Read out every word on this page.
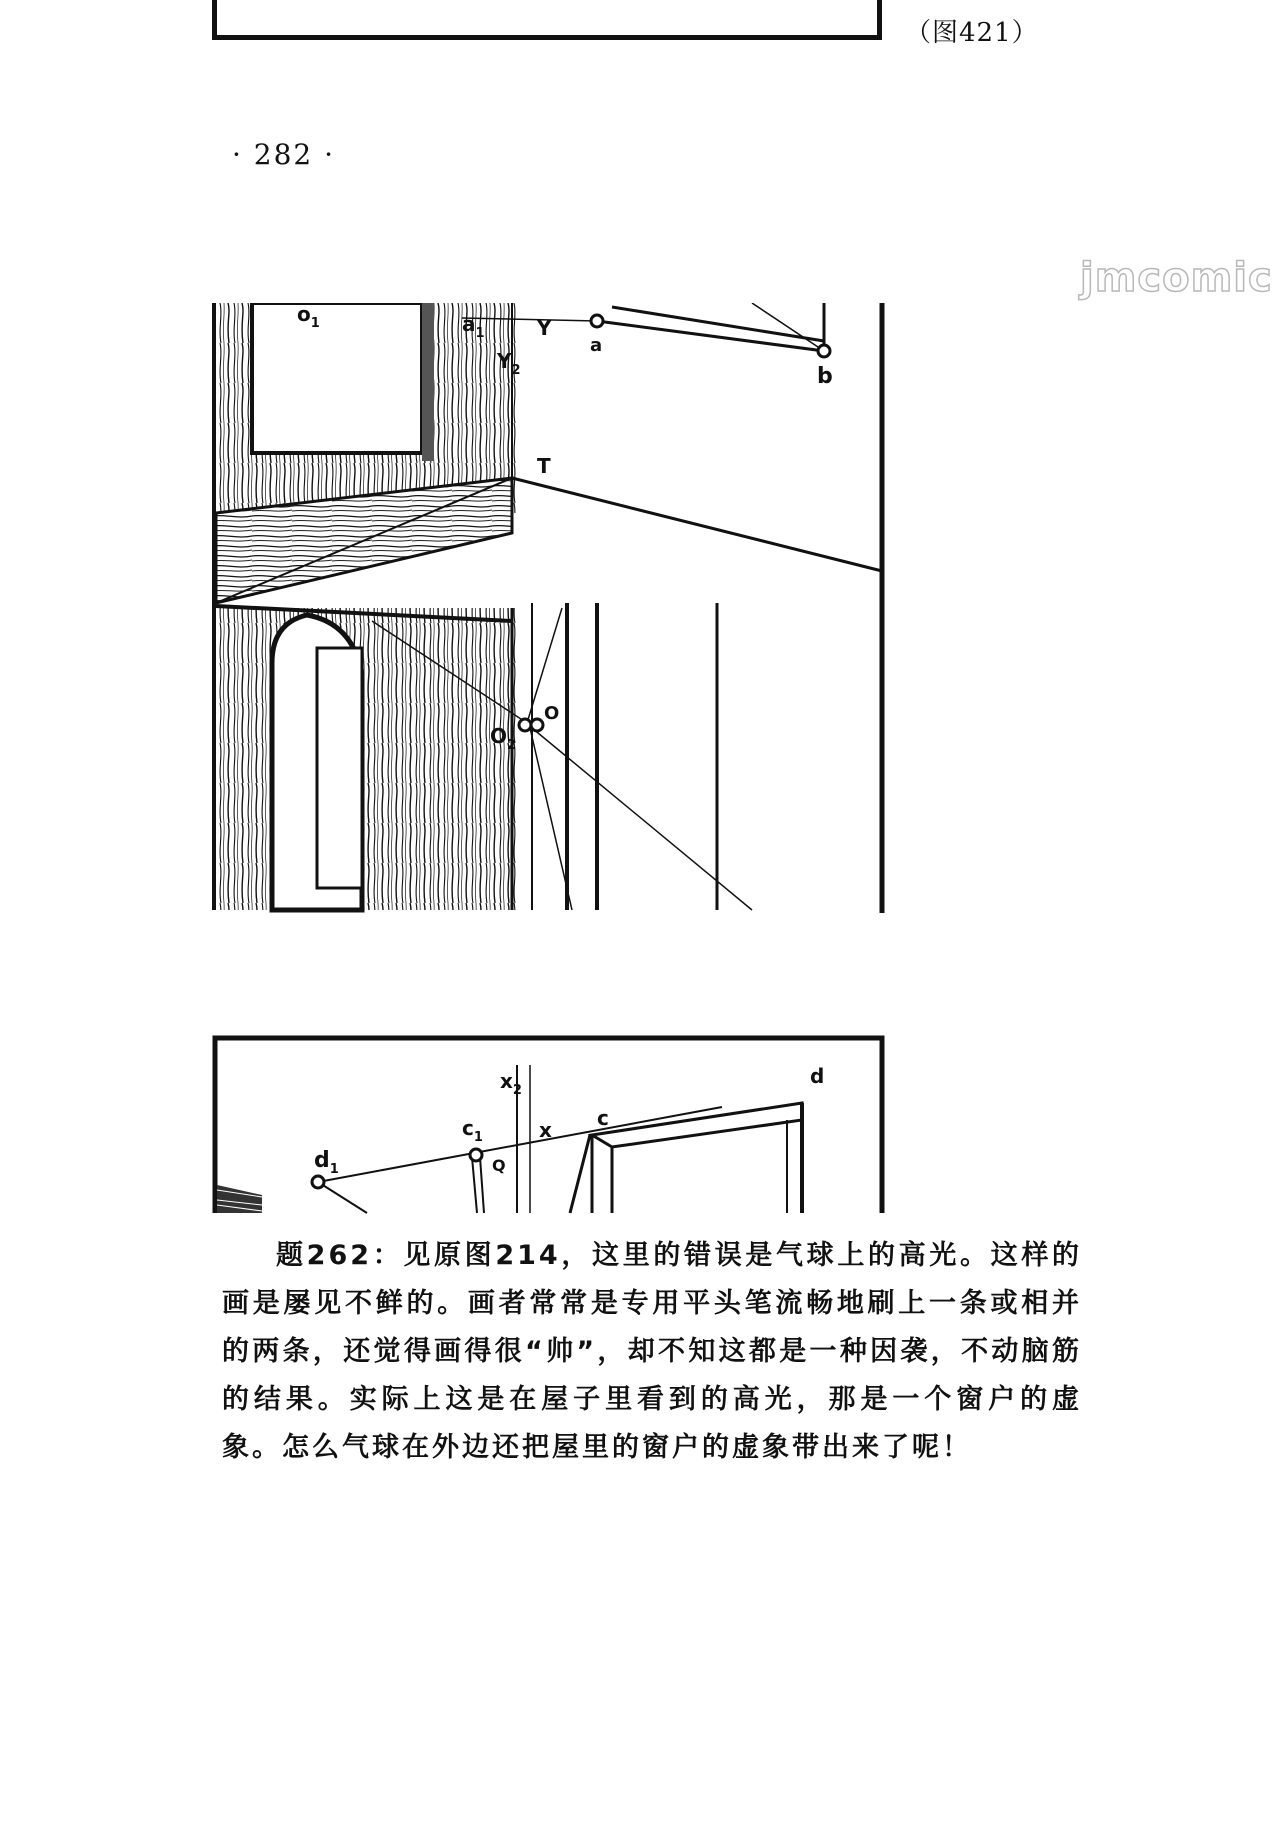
（图421）
· 282 ·
jmcomic
$o_1$	$a_1$	Y
$Y_2$
a
b
T
$O_2$
O
$x_2$
d
c
$c_1$	x
$d_1$	Q
题262：见原图214，这里的错误是气球上的高光。这样的画是屡见不鲜的。画者常常是专用平头笔流畅地刷上一条或相并的两条，还觉得画得很“帅”，却不知这都是一种因袭，不动脑筋的结果。实际上这是在屋子里看到的高光，那是一个窗户的虚象。怎么气球在外边还把屋里的窗户的虚象带出来了呢！
